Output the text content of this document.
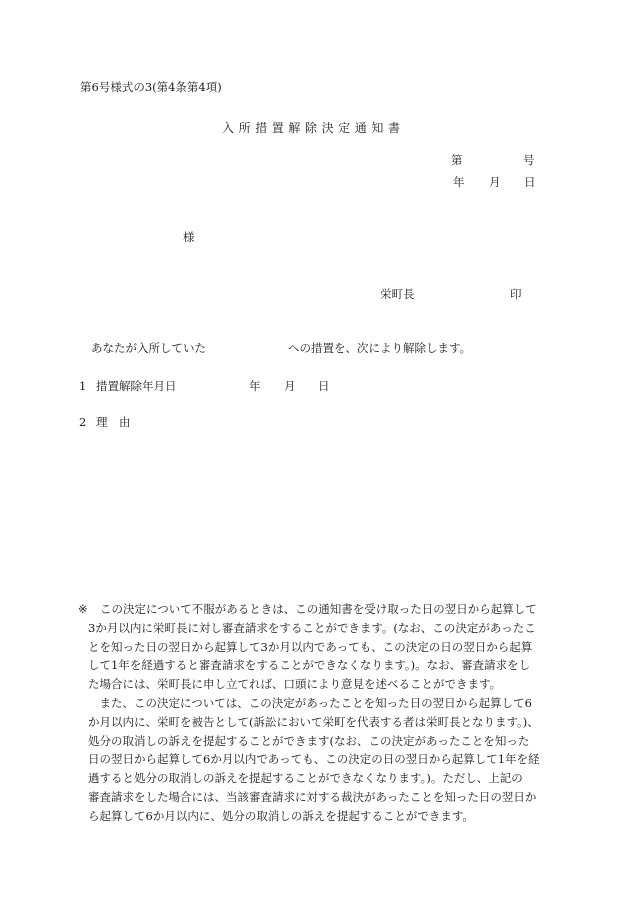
第6号様式の3(第4条第4項)
入所措置解除決定通知書
第	号
年 月 日
様
栄町長	印
あなたが入所していた	への措置を、次により解除します。
1 措置解除年月日	年 月 日
2 理　由
※ この決定について不服があるときは、この通知書を受け取った日の翌日から起算して
3か月以内に栄町長に対し審査請求をすることができます。(なお、この決定があったこ
とを知った日の翌日から起算して3か月以内であっても、この決定の日の翌日から起算
して1年を経過すると審査請求をすることができなくなります。)。なお、審査請求をし
た場合には、栄町長に申し立てれば、口頭により意見を述べることができます。
　また、この決定については、この決定があったことを知った日の翌日から起算して6
か月以内に、栄町を被告として(訴訟において栄町を代表する者は栄町長となります。)、
処分の取消しの訴えを提起することができます(なお、この決定があったことを知った
日の翌日から起算して6か月以内であっても、この決定の日の翌日から起算して1年を経
過すると処分の取消しの訴えを提起することができなくなります。)。ただし、上記の
審査請求をした場合には、当該審査請求に対する裁決があったことを知った日の翌日か
ら起算して6か月以内に、処分の取消しの訴えを提起することができます。
